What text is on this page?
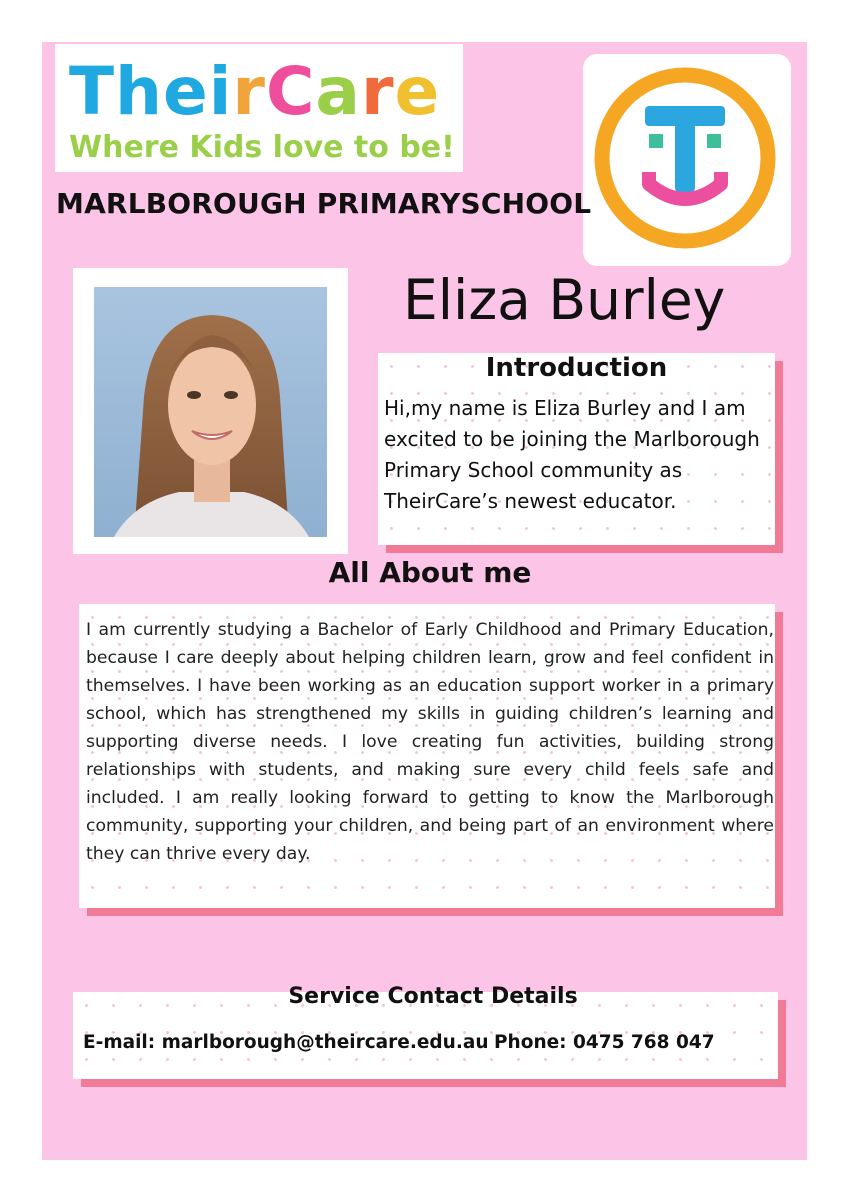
TheirCare
Where Kids love to be!
MARLBOROUGH PRIMARYSCHOOL
Eliza Burley
Introduction
Hi,my name is Eliza Burley and I am excited to be joining the Marlborough Primary School community as TheirCare’s newest educator.
All About me
I am currently studying a Bachelor of Early Childhood and Primary Education, because I care deeply about helping children learn, grow and feel confident in themselves. I have been working as an education support worker in a primary school, which has strengthened my skills in guiding children’s learning and supporting diverse needs. I love creating fun activities, building strong relationships with students, and making sure every child feels safe and included. I am really looking forward to getting to know the Marlborough community, supporting your children, and being part of an environment where they can thrive every day.
Service Contact Details
E-mail: marlborough@theircare.edu.au Phone: 0475 768 047
